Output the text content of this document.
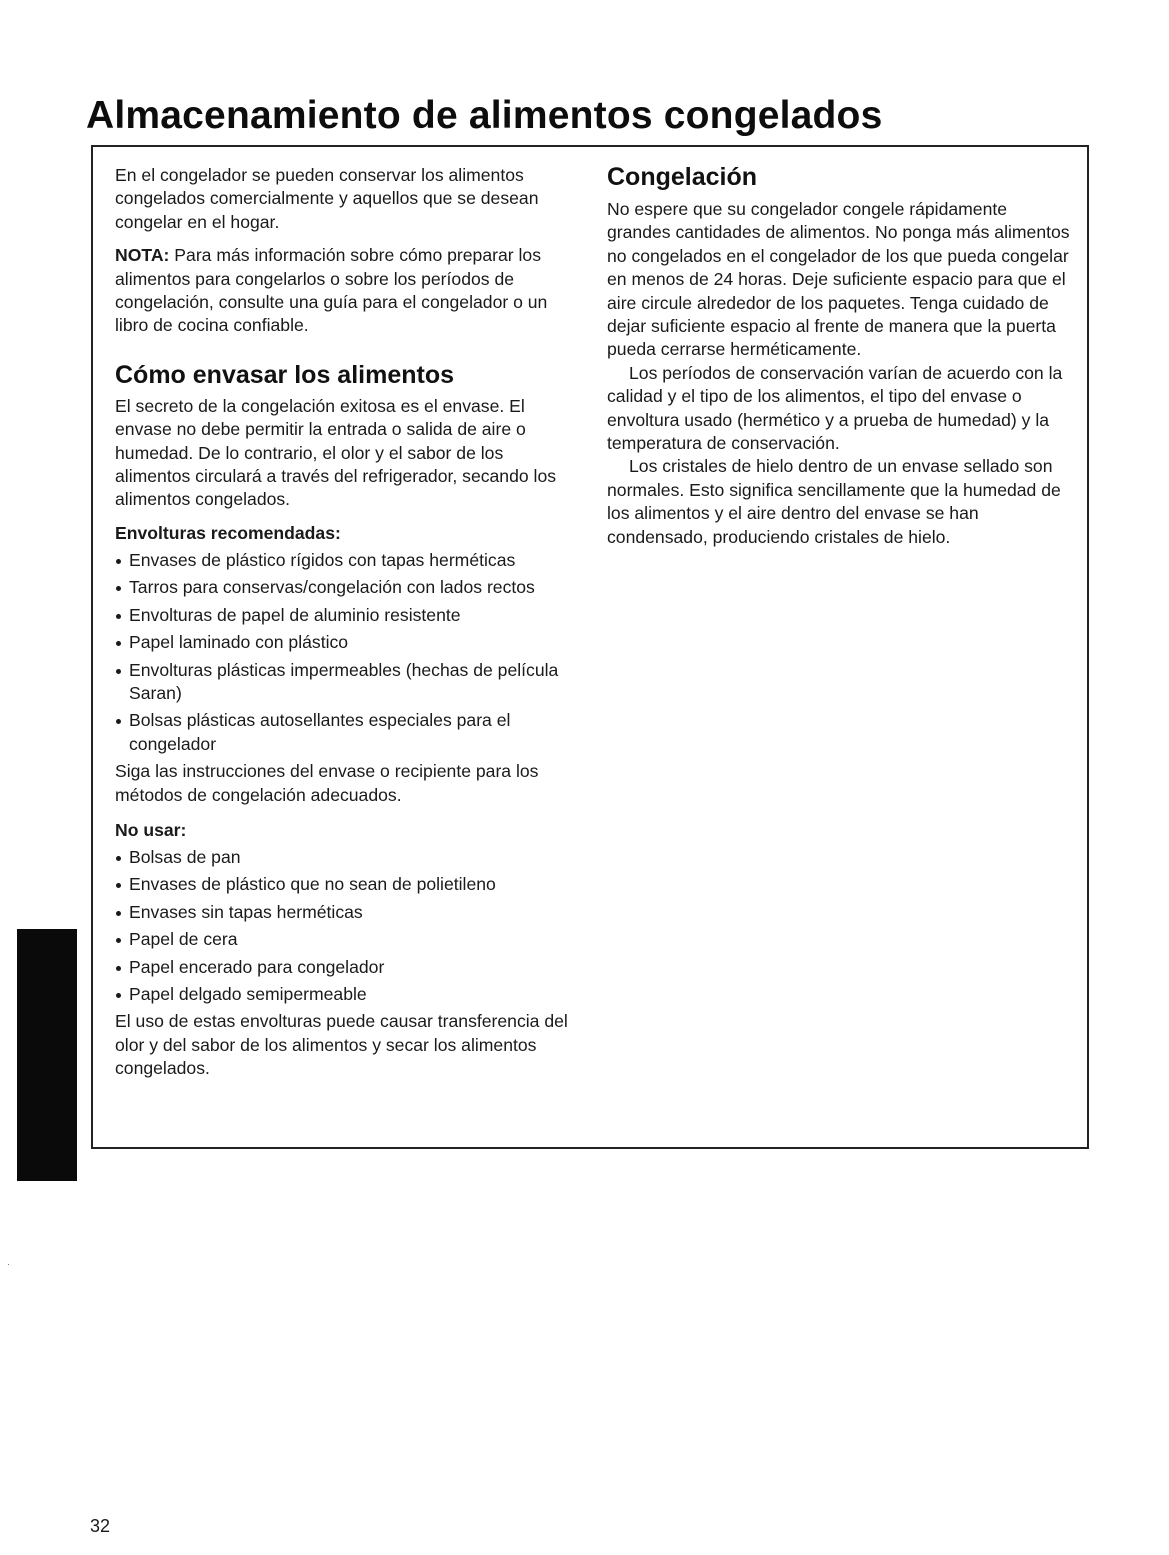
Almacenamiento de alimentos congelados

En el congelador se pueden conservar los alimentos congelados comercialmente y aquellos que se desean congelar en el hogar.

NOTA: Para más información sobre cómo preparar los alimentos para congelarlos o sobre los períodos de congelación, consulte una guía para el congelador o un libro de cocina confiable.

Cómo envasar los alimentos

El secreto de la congelación exitosa es el envase. El envase no debe permitir la entrada o salida de aire o humedad. De lo contrario, el olor y el sabor de los alimentos circulará a través del refrigerador, secando los alimentos congelados.

Envolturas recomendadas:
Envases de plástico rígidos con tapas herméticas
Tarros para conservas/congelación con lados rectos
Envolturas de papel de aluminio resistente
Papel laminado con plástico
Envolturas plásticas impermeables (hechas de película Saran)
Bolsas plásticas autosellantes especiales para el congelador

Siga las instrucciones del envase o recipiente para los métodos de congelación adecuados.

No usar:
Bolsas de pan
Envases de plástico que no sean de polietileno
Envases sin tapas herméticas
Papel de cera
Papel encerado para congelador
Papel delgado semipermeable

El uso de estas envolturas puede causar transferencia del olor y del sabor de los alimentos y secar los alimentos congelados.

Congelación

No espere que su congelador congele rápidamente grandes cantidades de alimentos. No ponga más alimentos no congelados en el congelador de los que pueda congelar en menos de 24 horas. Deje suficiente espacio para que el aire circule alrededor de los paquetes. Tenga cuidado de dejar suficiente espacio al frente de manera que la puerta pueda cerrarse herméticamente.

Los períodos de conservación varían de acuerdo con la calidad y el tipo de los alimentos, el tipo del envase o envoltura usado (hermético y a prueba de humedad) y la temperatura de conservación.

Los cristales de hielo dentro de un envase sellado son normales. Esto significa sencillamente que la humedad de los alimentos y el aire dentro del envase se han condensado, produciendo cristales de hielo.

32
